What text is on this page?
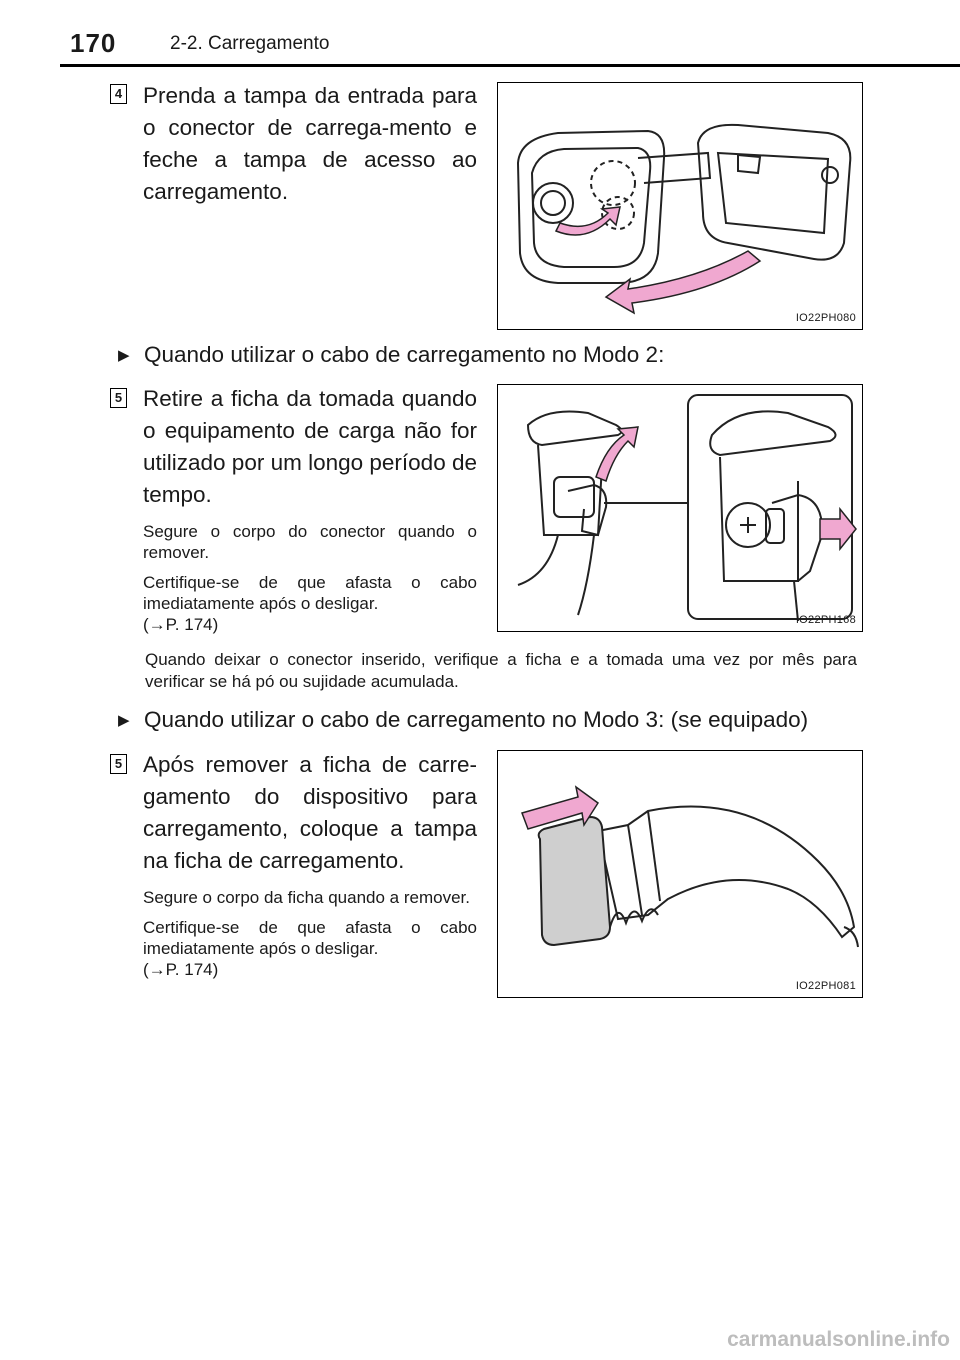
170	2-2. Carregamento
4 Prenda a tampa da entrada para o conector de carrega-mento e feche a tampa de acesso ao carregamento.
IO22PH080
▶ Quando utilizar o cabo de carregamento no Modo 2:
5 Retire a ficha da tomada quando o equipamento de carga não for utilizado por um longo período de tempo.

Segure o corpo do conector quando o remover.

Certifique-se de que afasta o cabo imediatamente após o desligar.

(→P. 174)	IO22PH168
Quando deixar o conector inserido, verifique a ficha e a tomada uma vez por mês para verificar se há pó ou sujidade acumulada.
▶ Quando utilizar o cabo de carregamento no Modo 3: (se equipado)
5 Após remover a ficha de carre-gamento do dispositivo para carregamento, coloque a tampa na ficha de carregamento.

Segure o corpo da ficha quando a remover.

Certifique-se de que afasta o cabo imediatamente após o desligar.

(→P. 174)

IO22PH081
carmanualsonline.info
